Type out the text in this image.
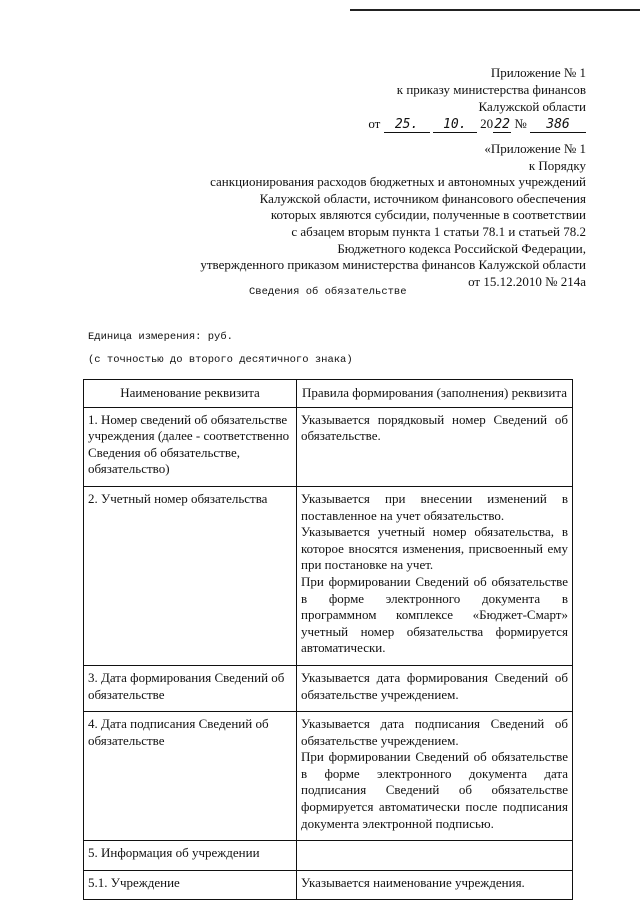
Приложение № 1
к приказу министерства финансов
Калужской области
от 25. 10. 2022 № 386
«Приложение № 1
к Порядку
санкционирования расходов бюджетных и автономных учреждений
Калужской области, источником финансового обеспечения
которых являются субсидии, полученные в соответствии
с абзацем вторым пункта 1 статьи 78.1 и статьей 78.2
Бюджетного кодекса Российской Федерации,
утвержденного приказом министерства финансов Калужской области
от 15.12.2010 № 214а
Сведения об обязательстве
Единица измерения: руб.
(с точностью до второго десятичного знака)
Наименование реквизита	Правила формирования (заполнения) реквизита
1. Номер сведений об обязательстве учреждения (далее - соответственно Сведения об обязательстве, обязательство)	Указывается порядковый номер Сведений об обязательстве.

2. Учетный номер обязательства	Указывается при внесении изменений в поставленное на учет обязательство.

Указывается учетный номер обязательства, в которое вносятся изменения, присвоенный ему при постановке на учет.

При формировании Сведений об обязательстве в форме электронного документа в программном комплексе «Бюджет-Смарт» учетный номер обязательства формируется автоматически.

3. Дата формирования Сведений об обязательстве	Указывается дата формирования Сведений об обязательстве учреждением.

4. Дата подписания Сведений об обязательстве	Указывается дата подписания Сведений об обязательстве учреждением.

При формировании Сведений об обязательстве в форме электронного документа дата подписания Сведений об обязательстве формируется автоматически после подписания документа электронной подписью.

5. Информация об учреждении	
5.1. Учреждение	Указывается наименование учреждения.
